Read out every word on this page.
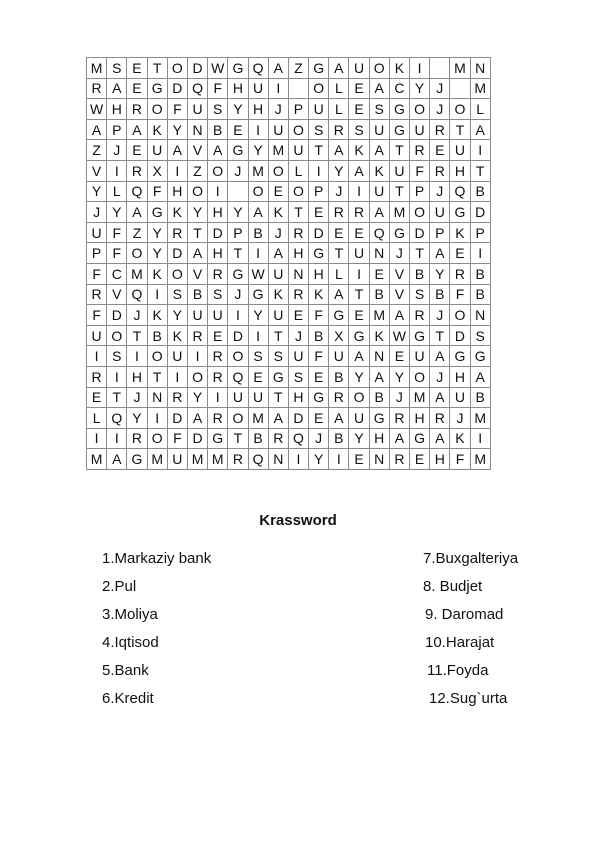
M	S	E	T	O	D	W	G	Q	A	Z	G	A	U	O	K	I		M	N
R	A	E	G	D	Q	F	H	U	I		O	L	E	A	C	Y	J		M
W	H	R	O	F	U	S	Y	H	J	P	U	L	E	S	G	O	J	O	L
A	P	A	K	Y	N	B	E	I	U	O	S	R	S	U	G	U	R	T	A
Z	J	E	U	A	V	A	G	Y	M	U	T	A	K	A	T	R	E	U	I
V	I	R	X	I	Z	O	J	M	O	L	I	Y	A	K	U	F	R	H	T
Y	L	Q	F	H	O	I		O	E	O	P	J	I	U	T	P	J	Q	B
J	Y	A	G	K	Y	H	Y	A	K	T	E	R	R	A	M	O	U	G	D
U	F	Z	Y	R	T	D	P	B	J	R	D	E	E	Q	G	D	P	K	P
P	F	O	Y	D	A	H	T	I	A	H	G	T	U	N	J	T	A	E	I
F	C	M	K	O	V	R	G	W	U	N	H	L	I	E	V	B	Y	R	B
R	V	Q	I	S	B	S	J	G	K	R	K	A	T	B	V	S	B	F	B
F	D	J	K	Y	U	U	I	Y	U	E	F	G	E	M	A	R	J	O	N
U	O	T	B	K	R	E	D	I	T	J	B	X	G	K	W	G	T	D	S
I	S	I	O	U	I	R	O	S	S	U	F	U	A	N	E	U	A	G	G
R	I	H	T	I	O	R	Q	E	G	S	E	B	Y	A	Y	O	J	H	A
E	T	J	N	R	Y	I	U	U	T	H	G	R	O	B	J	M	A	U	B
L	Q	Y	I	D	A	R	O	M	A	D	E	A	U	G	R	H	R	J	M
I	I	R	O	F	D	G	T	B	R	Q	J	B	Y	H	A	G	A	K	I
M	A	G	M	U	M	M	R	Q	N	I	Y	I	E	N	R	E	H	F	M
Krassword
1.Markaziy bank
2.Pul
3.Moliya
4.Iqtisod
5.Bank
6.Kredit
7.Buxgalteriya
8. Budjet
9. Daromad
10.Harajat
11.Foyda
12.Sug`urta
